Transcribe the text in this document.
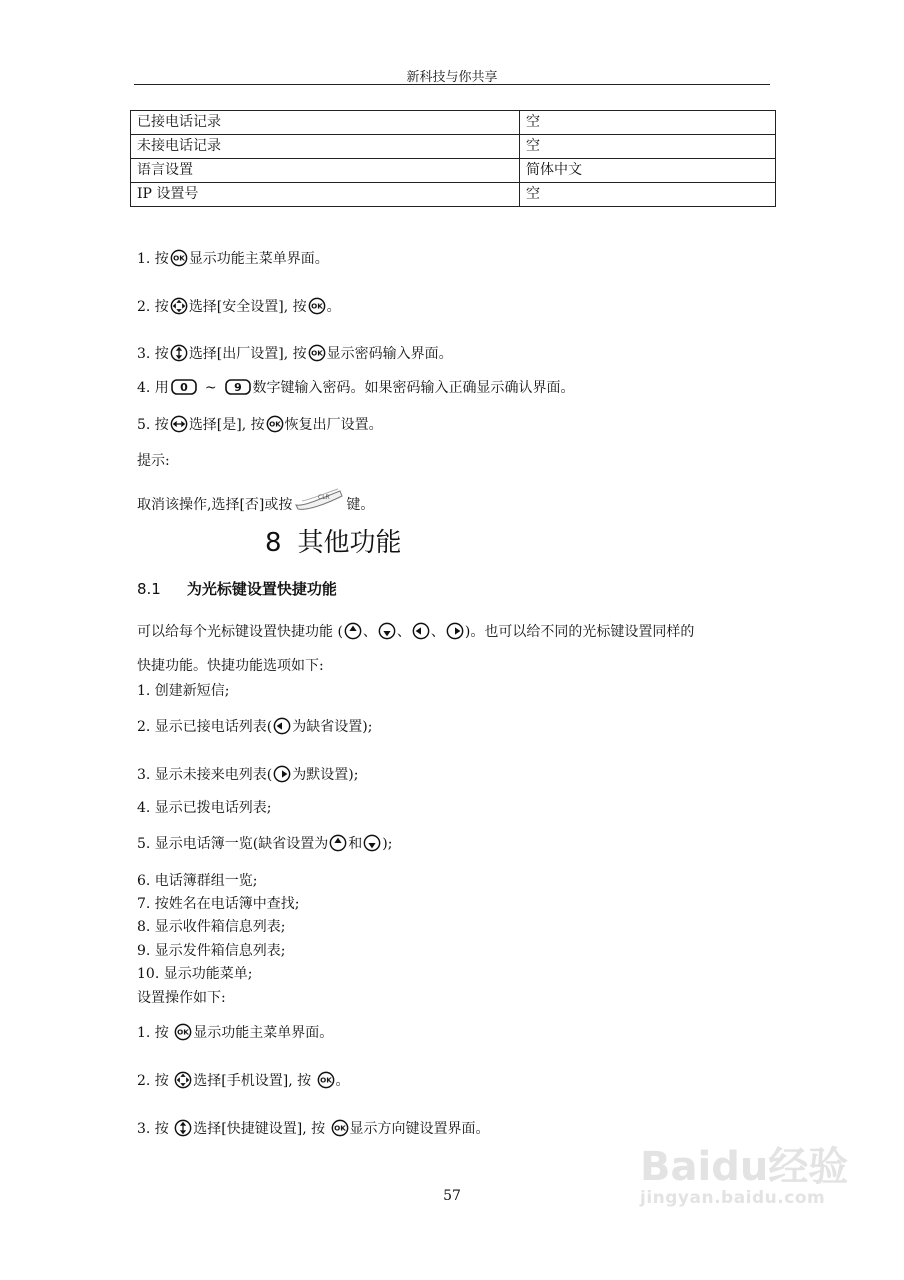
新科技与你共享
已接电话记录	空
未接电话记录	空
语言设置	简体中文
IP 设置号	空
1. 按 显示功能主菜单界面。
2. 按 选择[安全设置], 按 。
3. 按 选择[出厂设置], 按 显示密码输入界面。
4. 用 0 ~ 9 数字键输入密码。如果密码输入正确显示确认界面。
5. 按 选择[是], 按 恢复出厂设置。
提示:
取消该操作,选择[否]或按	CLR 键。
8 其他功能
8.1 为光标键设置快捷功能
可以给每个光标键设置快捷功能 ( 、 、 、 )。也可以给不同的光标键设置同样的
快捷功能。快捷功能选项如下:
1. 创建新短信;
2. 显示已接电话列表( 为缺省设置);
3. 显示未接来电列表( 为默设置);
4. 显示已拨电话列表;
5. 显示电话簿一览(缺省设置为 和 );
6. 电话簿群组一览;
7. 按姓名在电话簿中查找;
8. 显示收件箱信息列表;
9. 显示发件箱信息列表;
10. 显示功能菜单;
设置操作如下:
1. 按
显示功能主菜单界面。
2. 按
选择[手机设置], 按
。
3. 按
选择[快捷键设置], 按
显示方向键设置界面。
Baidu经验
jingyan.baidu.com
57
